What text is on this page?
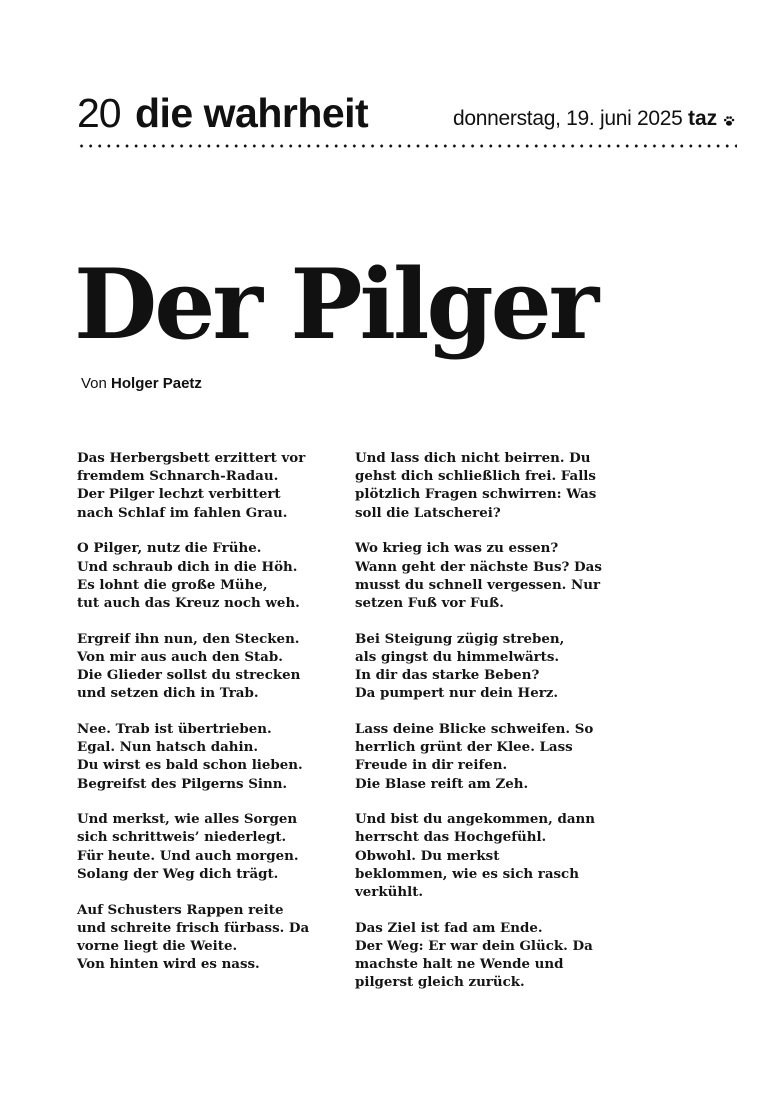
20 die wahrheit	donnerstag, 19. juni 2025 taz
Der Pilger
Von Holger Paetz
Das Herbergsbett erzittert vor
fremdem Schnarch-Radau.
Der Pilger lechzt verbittert
nach Schlaf im fahlen Grau.
O Pilger, nutz die Frühe.
Und schraub dich in die Höh.
Es lohnt die große Mühe,
tut auch das Kreuz noch weh.
Ergreif ihn nun, den Stecken.
Von mir aus auch den Stab.
Die Glieder sollst du strecken
und setzen dich in Trab.
Nee. Trab ist übertrieben.
Egal. Nun hatsch dahin.
Du wirst es bald schon lieben.
Begreifst des Pilgerns Sinn.
Und merkst, wie alles Sorgen
sich schrittweis’ niederlegt.
Für heute. Und auch morgen.
Solang der Weg dich trägt.
Auf Schusters Rappen reite
und schreite frisch fürbass. Da
vorne liegt die Weite.
Von hinten wird es nass.
Und lass dich nicht beirren. Du
gehst dich schließlich frei. Falls
plötzlich Fragen schwirren: Was
soll die Latscherei?
Wo krieg ich was zu essen?
Wann geht der nächste Bus? Das
musst du schnell vergessen. Nur
setzen Fuß vor Fuß.
Bei Steigung zügig streben,
als gingst du himmelwärts.
In dir das starke Beben?
Da pumpert nur dein Herz.
Lass deine Blicke schweifen. So
herrlich grünt der Klee. Lass
Freude in dir reifen.
Die Blase reift am Zeh.
Und bist du angekommen, dann
herrscht das Hochgefühl.
Obwohl. Du merkst
beklommen, wie es sich rasch
verkühlt.
Das Ziel ist fad am Ende.
Der Weg: Er war dein Glück. Da
machste halt ne Wende und
pilgerst gleich zurück.
